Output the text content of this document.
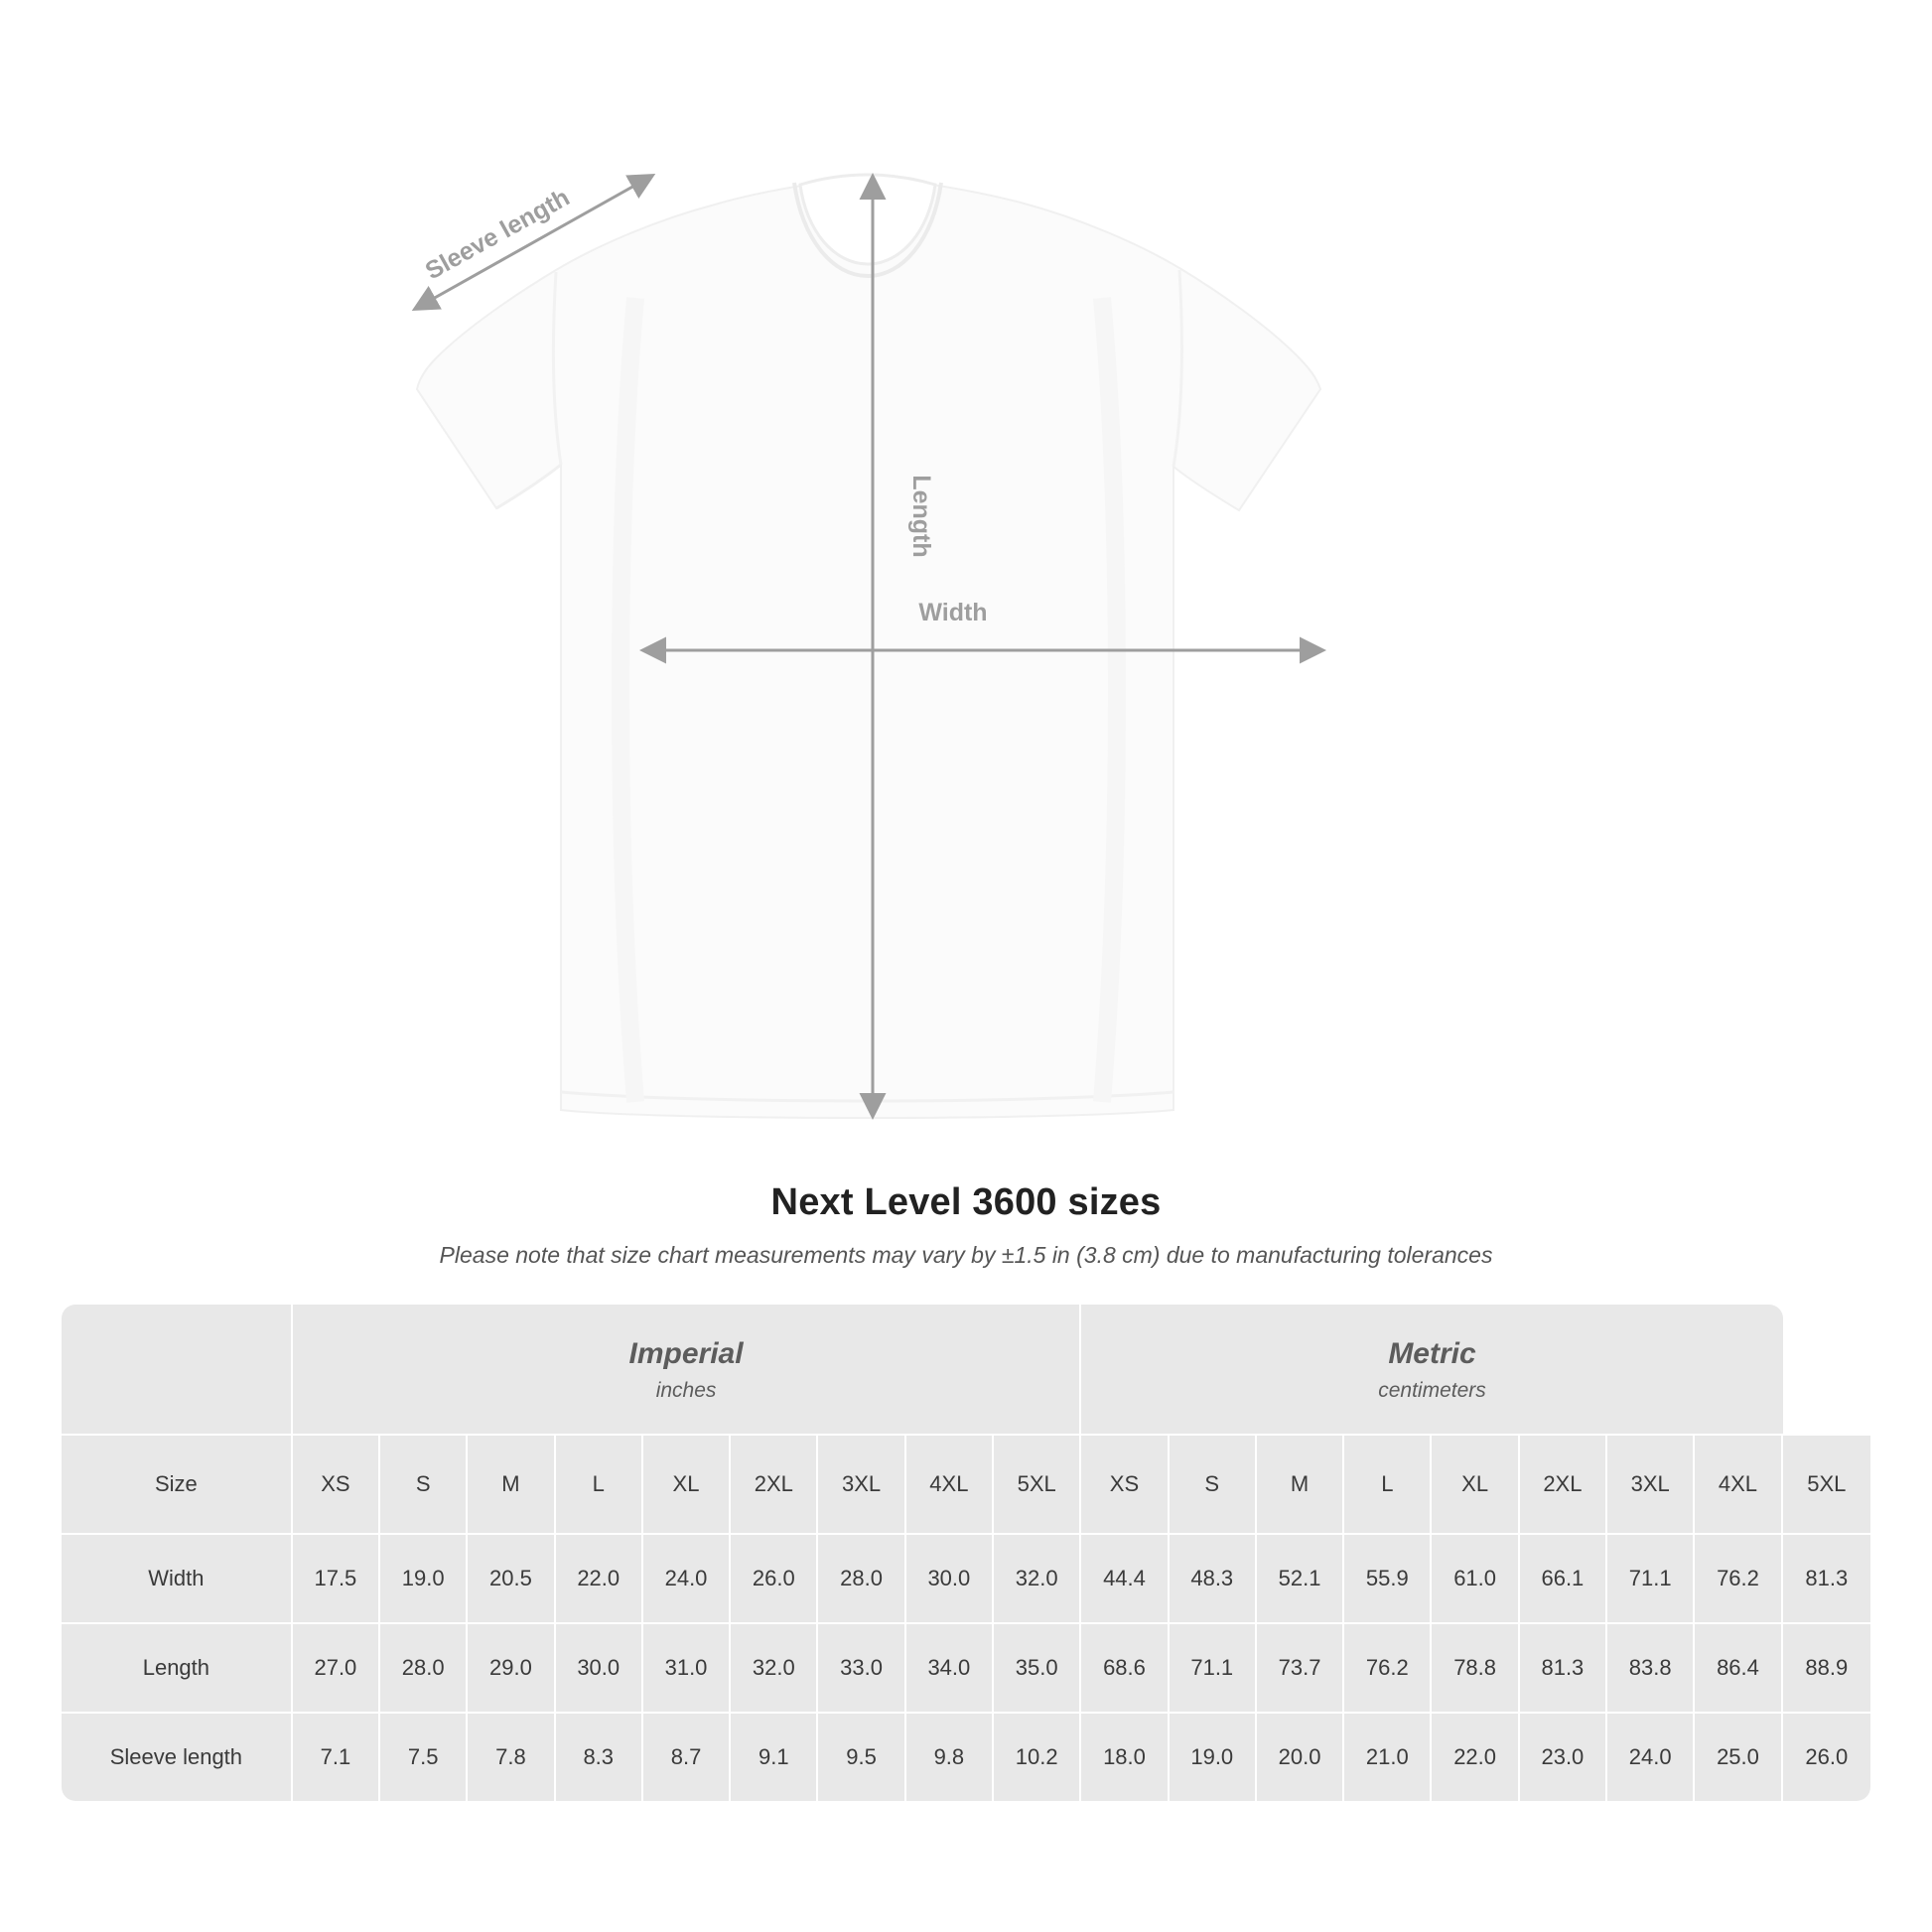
Length
Width
Sleeve length
Next Level 3600 sizes
Please note that size chart measurements may vary by ±1.5 in (3.8 cm) due to manufacturing tolerances

Imperial
inches

Metric
centimeters

Size	XS	S	M	L	XL	2XL	3XL	4XL	5XL	XS	S	M	L	XL	2XL	3XL	4XL	5XL
Width	17.5	19.0	20.5	22.0	24.0	26.0	28.0	30.0	32.0	44.4	48.3	52.1	55.9	61.0	66.1	71.1	76.2	81.3
Length	27.0	28.0	29.0	30.0	31.0	32.0	33.0	34.0	35.0	68.6	71.1	73.7	76.2	78.8	81.3	83.8	86.4	88.9
Sleeve length	7.1	7.5	7.8	8.3	8.7	9.1	9.5	9.8	10.2	18.0	19.0	20.0	21.0	22.0	23.0	24.0	25.0	26.0
